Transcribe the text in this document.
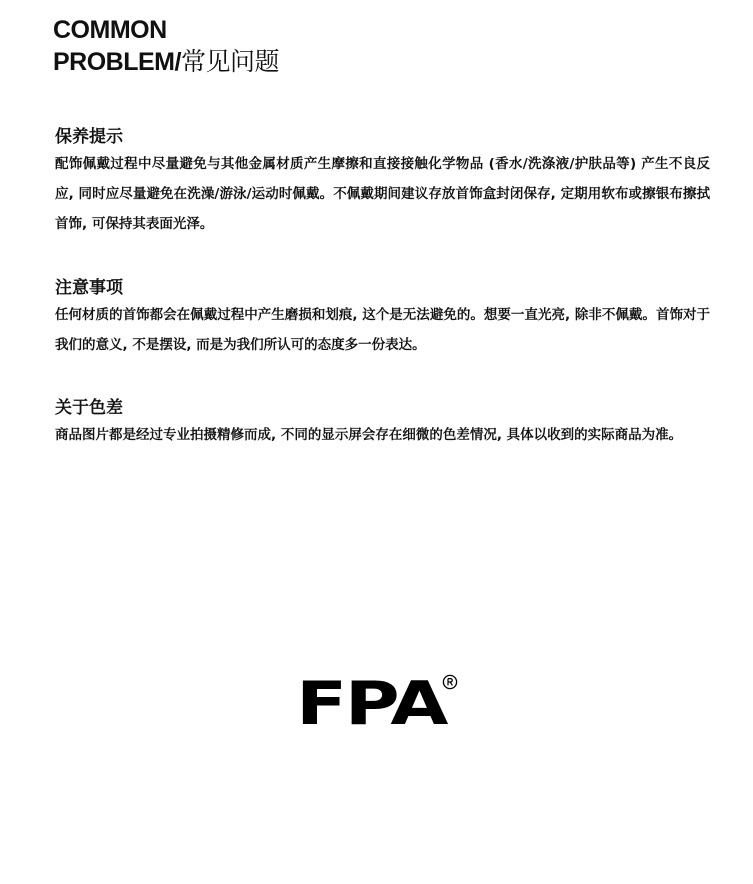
COMMON
PROBLEM/常见问题
保养提示

配饰佩戴过程中尽量避免与其他金属材质产生摩擦和直接接触化学物品 (香水/洗涤液/护肤品等) 产生不良反应, 同时应尽量避免在洗澡/游泳/运动时佩戴。不佩戴期间建议存放首饰盒封闭保存, 定期用软布或擦银布擦拭首饰, 可保持其表面光泽。

注意事项

任何材质的首饰都会在佩戴过程中产生磨损和划痕, 这个是无法避免的。想要一直光亮, 除非不佩戴。首饰对于我们的意义, 不是摆设, 而是为我们所认可的态度多一份表达。

关于色差

商品图片都是经过专业拍摄精修而成, 不同的显示屏会存在细微的色差情况, 具体以收到的实际商品为准。

FPA
